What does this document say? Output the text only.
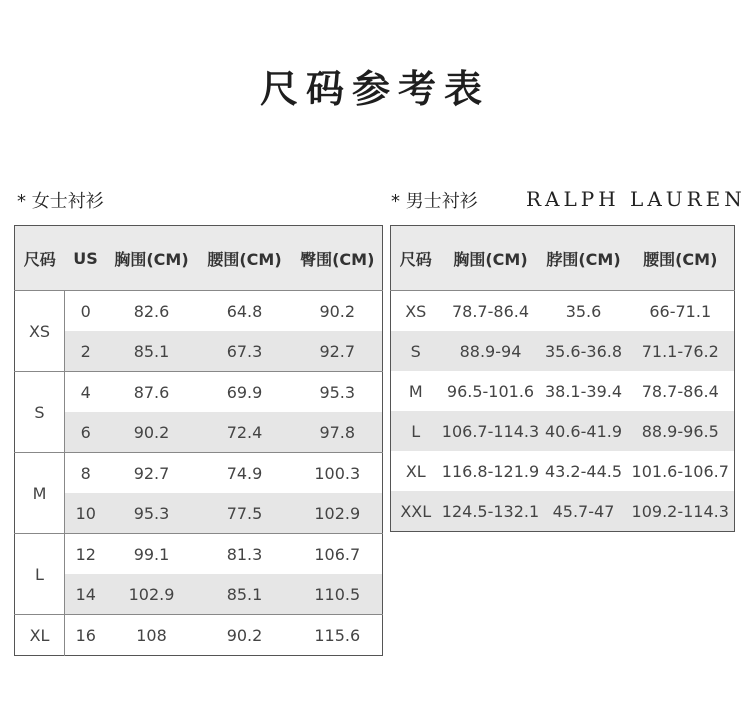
尺码参考表
* 女士衬衫	* 男士衬衫 RALPH LAUREN
尺码	US	胸围(CM)	腰围(CM)	臀围(CM)
XS	0	82.6	64.8	90.2
	2	85.1	67.3	92.7
S	4	87.6	69.9	95.3
	6	90.2	72.4	97.8
M	8	92.7	74.9	100.3
	10	95.3	77.5	102.9
L	12	99.1	81.3	106.7
	14	102.9	85.1	110.5
XL	16	108	90.2	115.6
尺码	胸围(CM)	脖围(CM)	腰围(CM)
XS	78.7-86.4	35.6	66-71.1
S	88.9-94	35.6-36.8	71.1-76.2
M	96.5-101.6	38.1-39.4	78.7-86.4
L	106.7-114.3	40.6-41.9	88.9-96.5
XL	116.8-121.9	43.2-44.5	101.6-106.7
XXL	124.5-132.1	45.7-47	109.2-114.3
